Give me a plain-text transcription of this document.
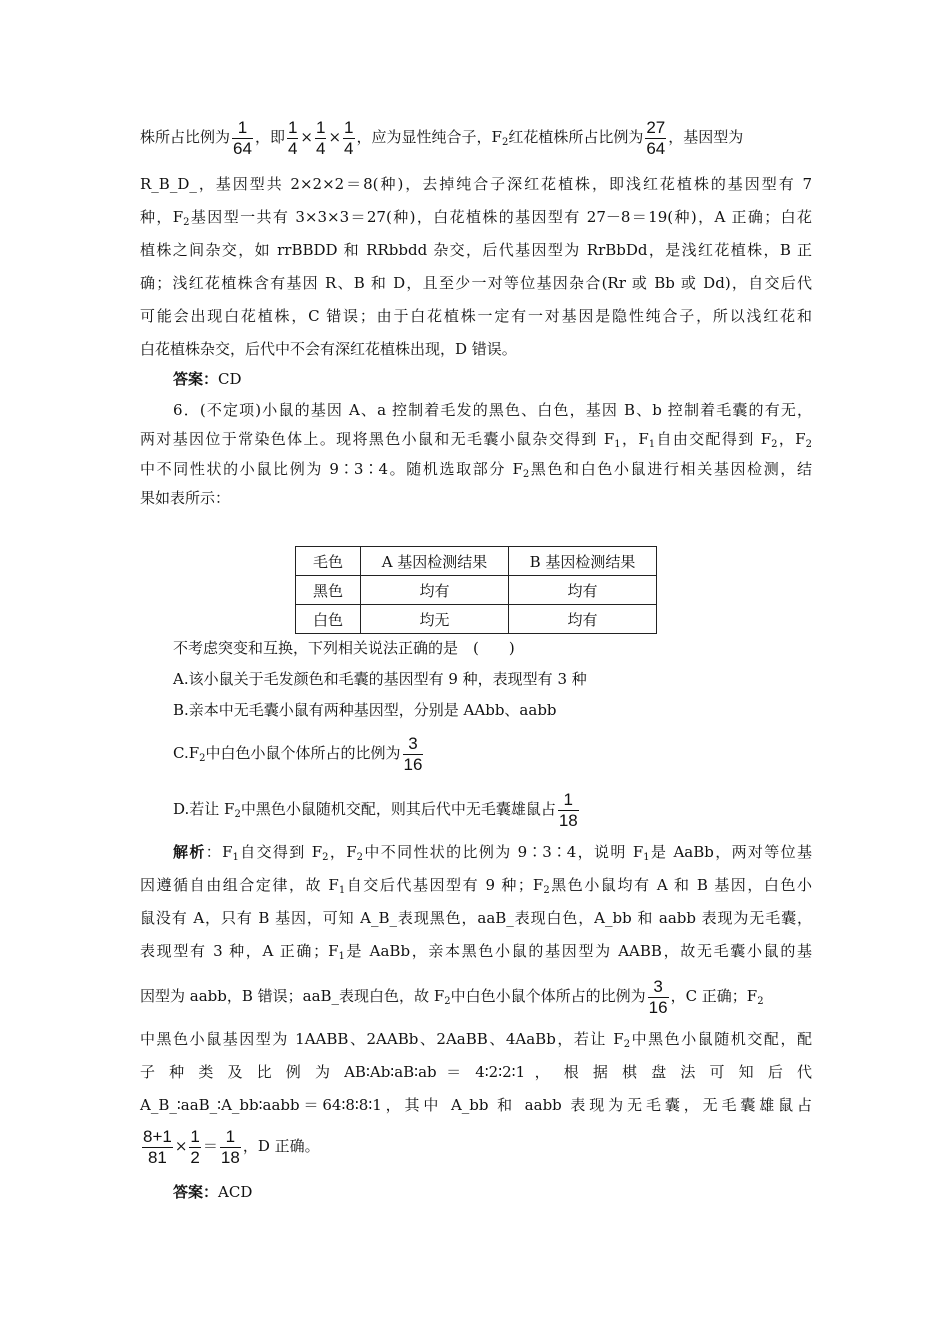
株所占比例为 $\frac{1}{64}$ ，即 $\frac{1}{4} \times \frac{1}{4} \times \frac{1}{4}$ ，应为显性纯合子，$F_2$红花植株所占比例为 $\frac{27}{64}$ ，基因型为
R_B_D_，基因型共 2×2×2＝8(种)，去掉纯合子深红花植株，即浅红花植株的基因型有 7
种，$F_2$基因型一共有 3×3×3＝27(种)，白花植株的基因型有 27－8＝19(种)，A 正确；白花
植株之间杂交，如 rrBBDD 和 RRbbdd 杂交，后代基因型为 RrBbDd，是浅红花植株，B 正
确；浅红花植株含有基因 R、B 和 D，且至少一对等位基因杂合(Rr 或 Bb 或 Dd)，自交后代
可能会出现白花植株，C 错误；由于白花植株一定有一对基因是隐性纯合子，所以浅红花和
白花植株杂交，后代中不会有深红花植株出现，D 错误。
答案：CD
6．(不定项)小鼠的基因 A、a 控制着毛发的黑色、白色，基因 B、b 控制着毛囊的有无，
两对基因位于常染色体上。现将黑色小鼠和无毛囊小鼠杂交得到 $F_1$，$F_1$自由交配得到 $F_2$，$F_2$
中不同性状的小鼠比例为 9∶3∶4。随机选取部分 $F_2$黑色和白色小鼠进行相关基因检测，结
果如表所示：
毛色	A 基因检测结果	B 基因检测结果
黑色	均有	均有
白色	均无	均有
不考虑突变和互换，下列相关说法正确的是　(　　)
A.该小鼠关于毛发颜色和毛囊的基因型有 9 种，表现型有 3 种
B.亲本中无毛囊小鼠有两种基因型，分别是 AAbb、aabb
$C.F_2$中白色小鼠个体所占的比例为 $\frac{3}{16}$
D.若让 $F_2$中黑色小鼠随机交配，则其后代中无毛囊雄鼠占 $\frac{1}{18}$
解析：$F_1$自交得到 $F_2$，$F_2$中不同性状的比例为 9∶3∶4，说明 $F_1$是 AaBb，两对等位基
因遵循自由组合定律，故 $F_1$自交后代基因型有 9 种；$F_2$黑色小鼠均有 A 和 B 基因，白色小
鼠没有 A，只有 B 基因，可知 A_B_表现黑色，aaB_表现白色，A_bb 和 aabb 表现为无毛囊，
表现型有 3 种，A 正确；$F_1$是 AaBb，亲本黑色小鼠的基因型为 AABB，故无毛囊小鼠的基
因型为 aabb，B 错误；aaB_表现白色，故 $F_2$中白色小鼠个体所占的比例为 $\frac{3}{16}$ ，C 正确；$F_2$
中黑色小鼠基因型为 1AABB、2AABb、2AaBB、4AaBb，若让 $F_2$中黑色小鼠随机交配，配
子 种 类 及 比 例 为 AB∶Ab∶aB∶ab ＝ 4∶2∶2∶1 ， 根 据 棋 盘 法 可 知 后 代
A_B_∶aaB_∶A_bb∶aabb＝64∶8∶8∶1，其中 A_bb 和 aabb 表现为无毛囊，无毛囊雄鼠占
$\frac{8+1}{81} \times \frac{1}{2} = \frac{1}{18}$ ，D 正确。
答案：ACD
